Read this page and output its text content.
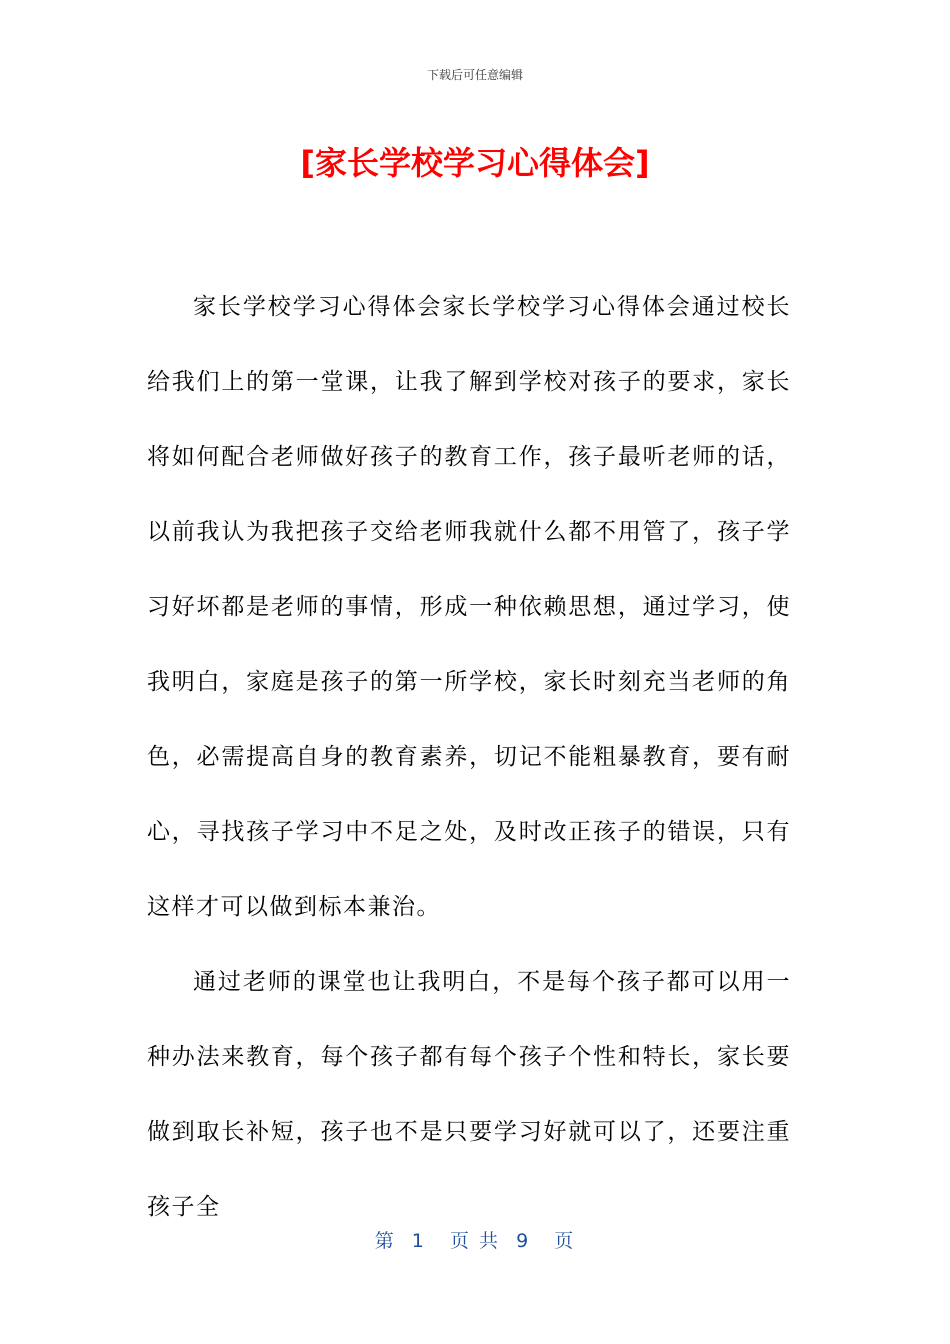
下载后可任意编辑
[家长学校学习心得体会]

家长学校学习心得体会家长学校学习心得体会通过校长给我们上的第一堂课，让我了解到学校对孩子的要求，家长将如何配合老师做好孩子的教育工作，孩子最听老师的话，以前我认为我把孩子交给老师我就什么都不用管了，孩子学习好坏都是老师的事情，形成一种依赖思想，通过学习，使我明白，家庭是孩子的第一所学校，家长时刻充当老师的角色，必需提高自身的教育素养，切记不能粗暴教育，要有耐心，寻找孩子学习中不足之处，及时改正孩子的错误，只有这样才可以做到标本兼治。

通过老师的课堂也让我明白，不是每个孩子都可以用一种办法来教育，每个孩子都有每个孩子个性和特长，家长要做到取长补短，孩子也不是只要学习好就可以了，还要注重孩子全

第  1   页 共  9   页
